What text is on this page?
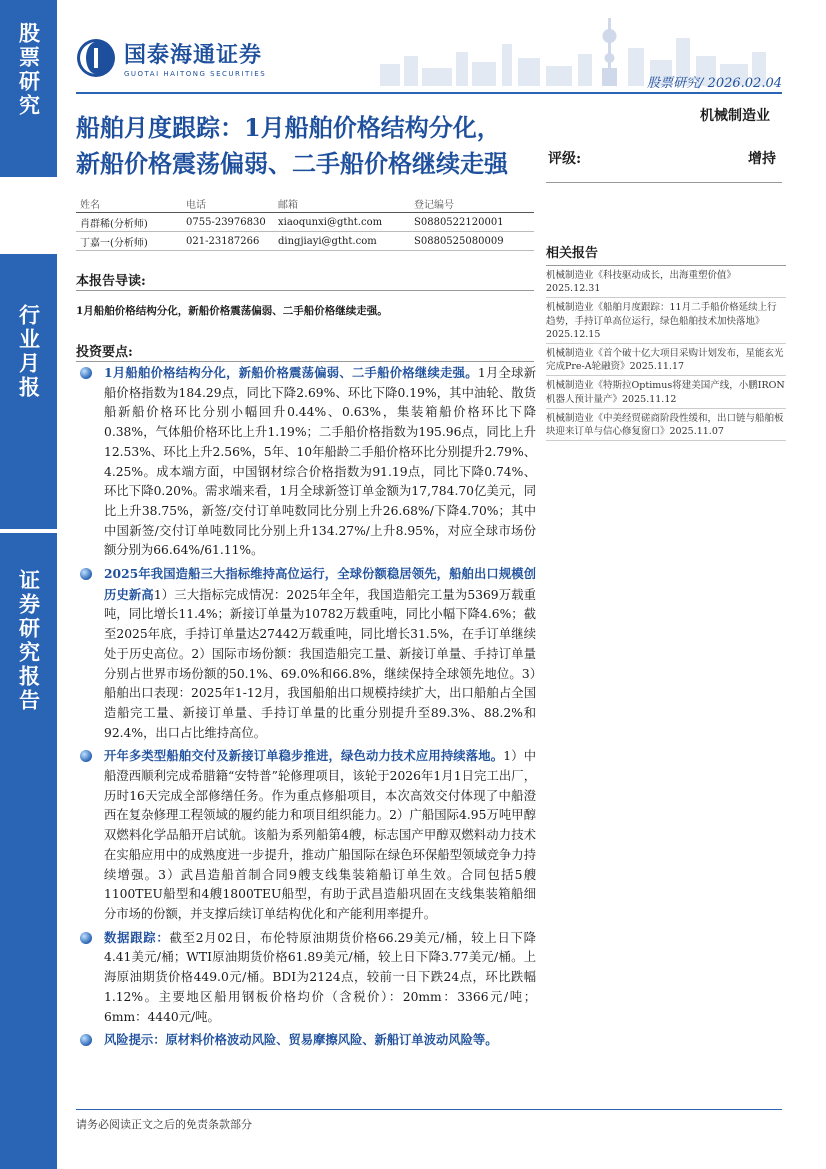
股票研究
行业月报
证券研究报告
国泰海通证券
GUOTAI HAITONG SECURITIES
股票研究/ 2026.02.04
船舶月度跟踪：1月船舶价格结构分化，
新船价格震荡偏弱、二手船价格继续走强
机械制造业
评级:	增持
姓名	电话	邮箱	登记编号
肖群稀(分析师)	0755-23976830	xiaoqunxi@gtht.com	S0880522120001
丁嘉一(分析师)	021-23187266	dingjiayi@gtht.com	S0880525080009
本报告导读:
1月船舶价格结构分化，新船价格震荡偏弱、二手船价格继续走强。
投资要点:
1月船舶价格结构分化，新船价格震荡偏弱、二手船价格继续走强。1月全球新船价格指数为184.29点，同比下降2.69%、环比下降0.19%，其中油轮、散货船新船价格环比分别小幅回升0.44%、0.63%，集装箱船价格环比下降0.38%，气体船价格环比上升1.19%；二手船价格指数为195.96点，同比上升12.53%、环比上升2.56%，5年、10年船龄二手船价格环比分别提升2.79%、4.25%。成本端方面，中国钢材综合价格指数为91.19点，同比下降0.74%、环比下降0.20%。需求端来看，1月全球新签订单金额为17,784.70亿美元，同比上升38.75%，新签/交付订单吨数同比分别上升26.68%/下降4.70%；其中中国新签/交付订单吨数同比分别上升134.27%/上升8.95%，对应全球市场份额分别为66.64%/61.11%。
2025年我国造船三大指标维持高位运行，全球份额稳居领先，船舶出口规模创历史新高1）三大指标完成情况：2025年全年，我国造船完工量为5369万载重吨，同比增长11.4%；新接订单量为10782万载重吨，同比小幅下降4.6%；截至2025年底，手持订单量达27442万载重吨，同比增长31.5%，在手订单继续处于历史高位。2）国际市场份额：我国造船完工量、新接订单量、手持订单量分别占世界市场份额的50.1%、69.0%和66.8%，继续保持全球领先地位。3）船舶出口表现：2025年1-12月，我国船舶出口规模持续扩大，出口船舶占全国造船完工量、新接订单量、手持订单量的比重分别提升至89.3%、88.2%和92.4%，出口占比维持高位。
开年多类型船舶交付及新接订单稳步推进，绿色动力技术应用持续落地。1）中船澄西顺利完成希腊籍“安特普”轮修理项目，该轮于2026年1月1日完工出厂，历时16天完成全部修缮任务。作为重点修船项目，本次高效交付体现了中船澄西在复杂修理工程领域的履约能力和项目组织能力。2）广船国际4.95万吨甲醇双燃料化学品船开启试航。该船为系列船第4艘，标志国产甲醇双燃料动力技术在实船应用中的成熟度进一步提升，推动广船国际在绿色环保船型领域竞争力持续增强。3）武昌造船首制合同9艘支线集装箱船订单生效。合同包括5艘1100TEU船型和4艘1800TEU船型，有助于武昌造船巩固在支线集装箱船细分市场的份额，并支撑后续订单结构优化和产能利用率提升。
数据跟踪：截至2月02日，布伦特原油期货价格66.29美元/桶，较上日下降4.41美元/桶；WTI原油期货价格61.89美元/桶，较上日下降3.77美元/桶。上海原油期货价格449.0元/桶。BDI为2124点，较前一日下跌24点，环比跌幅1.12%。主要地区船用钢板价格均价（含税价）：20mm：3366元/吨；6mm：4440元/吨。
风险提示：原材料价格波动风险、贸易摩擦风险、新船订单波动风险等。
相关报告
机械制造业《科技驱动成长，出海重塑价值》
2025.12.31
机械制造业《船舶月度跟踪：11月二手船价格延续上行趋势，手持订单高位运行，绿色船舶技术加快落地》2025.12.15
机械制造业《首个破十亿大项目采购计划发布，星能玄光完成Pre-A轮融资》2025.11.17
机械制造业《特斯拉Optimus将建美国产线，小鹏IRON机器人预计量产》2025.11.12
机械制造业《中美经贸磋商阶段性缓和，出口链与船舶板块迎来订单与信心修复窗口》2025.11.07
请务必阅读正文之后的免责条款部分
